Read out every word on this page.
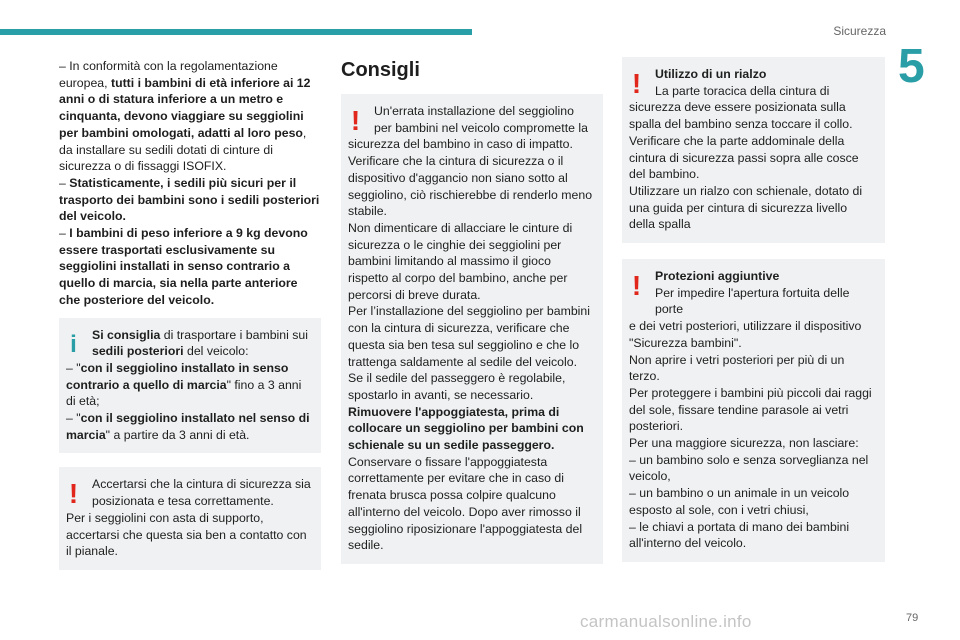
Sicurezza
5

– In conformità con la regolamentazione europea, tutti i bambini di età inferiore ai 12 anni o di statura inferiore a un metro e cinquanta, devono viaggiare su seggiolini per bambini omologati, adatti al loro peso, da installare su sedili dotati di cinture di sicurezza o di fissaggi ISOFIX.

– Statisticamente, i sedili più sicuri per il trasporto dei bambini sono i sedili posteriori del veicolo.

– I bambini di peso inferiore a 9 kg devono essere trasportati esclusivamente su seggiolini installati in senso contrario a quello di marcia, sia nella parte anteriore che posteriore del veicolo.

i	Si consiglia di trasportare i bambini sui sedili posteriori del veicolo:

– "con il seggiolino installato in senso contrario a quello di marcia" fino a 3 anni di età;

– "con il seggiolino installato nel senso di marcia" a partire da 3 anni di età.

!	Accertarsi che la cintura di sicurezza sia posizionata e tesa correttamente.

Per i seggiolini con asta di supporto, accertarsi che questa sia ben a contatto con il pianale.

Consigli
!	Un'errata installazione del seggiolino per bambini nel veicolo compromette la

sicurezza del bambino in caso di impatto. Verificare che la cintura di sicurezza o il dispositivo d'aggancio non siano sotto al seggiolino, ciò rischierebbe di renderlo meno stabile.

Non dimenticare di allacciare le cinture di sicurezza o le cinghie dei seggiolini per bambini limitando al massimo il gioco rispetto al corpo del bambino, anche per percorsi di breve durata.

Per l’installazione del seggiolino per bambini con la cintura di sicurezza, verificare che questa sia ben tesa sul seggiolino e che lo trattenga saldamente al sedile del veicolo. Se il sedile del passeggero è regolabile, spostarlo in avanti, se necessario.

Rimuovere l'appoggiatesta, prima di collocare un seggiolino per bambini con schienale su un sedile passeggero. Conservare o fissare l'appoggiatesta correttamente per evitare che in caso di frenata brusca possa colpire qualcuno all'interno del veicolo. Dopo aver rimosso il seggiolino riposizionare l'appoggiatesta del sedile.

!	Utilizzo di un rialzo
La parte toracica della cintura di

sicurezza deve essere posizionata sulla spalla del bambino senza toccare il collo.

Verificare che la parte addominale della cintura di sicurezza passi sopra alle cosce del bambino.

Utilizzare un rialzo con schienale, dotato di una guida per cintura di sicurezza livello della spalla

!	Protezioni aggiuntive
Per impedire l'apertura fortuita delle porte

e dei vetri posteriori, utilizzare il dispositivo "Sicurezza bambini".

Non aprire i vetri posteriori per più di un terzo.

Per proteggere i bambini più piccoli dai raggi del sole, fissare tendine parasole ai vetri posteriori.

Per una maggiore sicurezza, non lasciare:

– un bambino solo e senza sorveglianza nel veicolo,

– un bambino o un animale in un veicolo esposto al sole, con i vetri chiusi,

– le chiavi a portata di mano dei bambini all'interno del veicolo.

carmanualsonline.info	79
